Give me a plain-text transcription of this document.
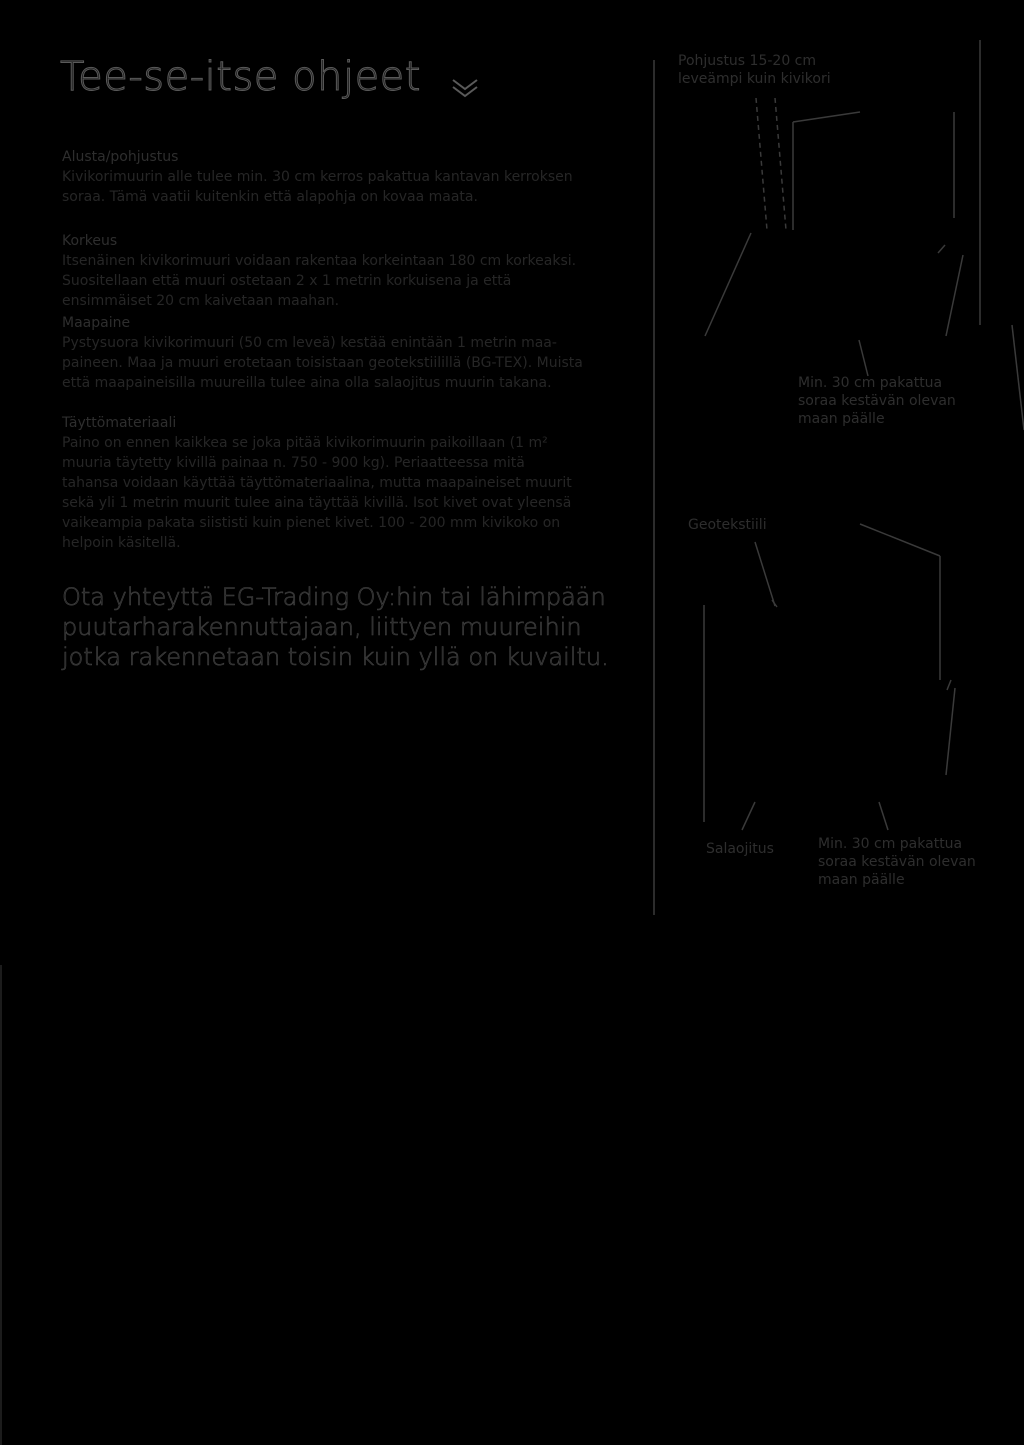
Tee-se-itse ohjeet
Alusta/pohjustus

Kivikorimuurin alle tulee min. 30 cm kerros pakattua kantavan kerroksen
soraa. Tämä vaatii kuitenkin että alapohja on kovaa maata.

Korkeus

Itsenäinen kivikorimuuri voidaan rakentaa korkeintaan 180 cm korkeaksi.
Suositellaan että muuri ostetaan 2 x 1 metrin korkuisena ja että
ensimmäiset 20 cm kaivetaan maahan.

Maapaine

Pystysuora kivikorimuuri (50 cm leveä) kestää enintään 1 metrin maa-
paineen. Maa ja muuri erotetaan toisistaan geotekstiilillä (BG-TEX). Muista
että maapaineisilla muureilla tulee aina olla salaojitus muurin takana.

Täyttömateriaali

Paino on ennen kaikkea se joka pitää kivikorimuurin paikoillaan (1 m²
muuria täytetty kivillä painaa n. 750 - 900 kg). Periaatteessa mitä
tahansa voidaan käyttää täyttömateriaalina, mutta maapaineiset muurit
sekä yli 1 metrin muurit tulee aina täyttää kivillä. Isot kivet ovat yleensä
vaikeampia pakata siististi kuin pienet kivet. 100 - 200 mm kivikoko on
helpoin käsitellä.

Ota yhteyttä EG-Trading Oy:hin tai lähimpään
puutarharakennuttajaan, liittyen muureihin
jotka rakennetaan toisin kuin yllä on kuvailtu.
Pohjustus 15-20 cm
leveämpi kuin kivikori
Min. 30 cm pakattua
soraa kestävän olevan
maan päälle
Geotekstiili
Salaojitus	Min. 30 cm pakattua
soraa kestävän olevan
maan päälle
